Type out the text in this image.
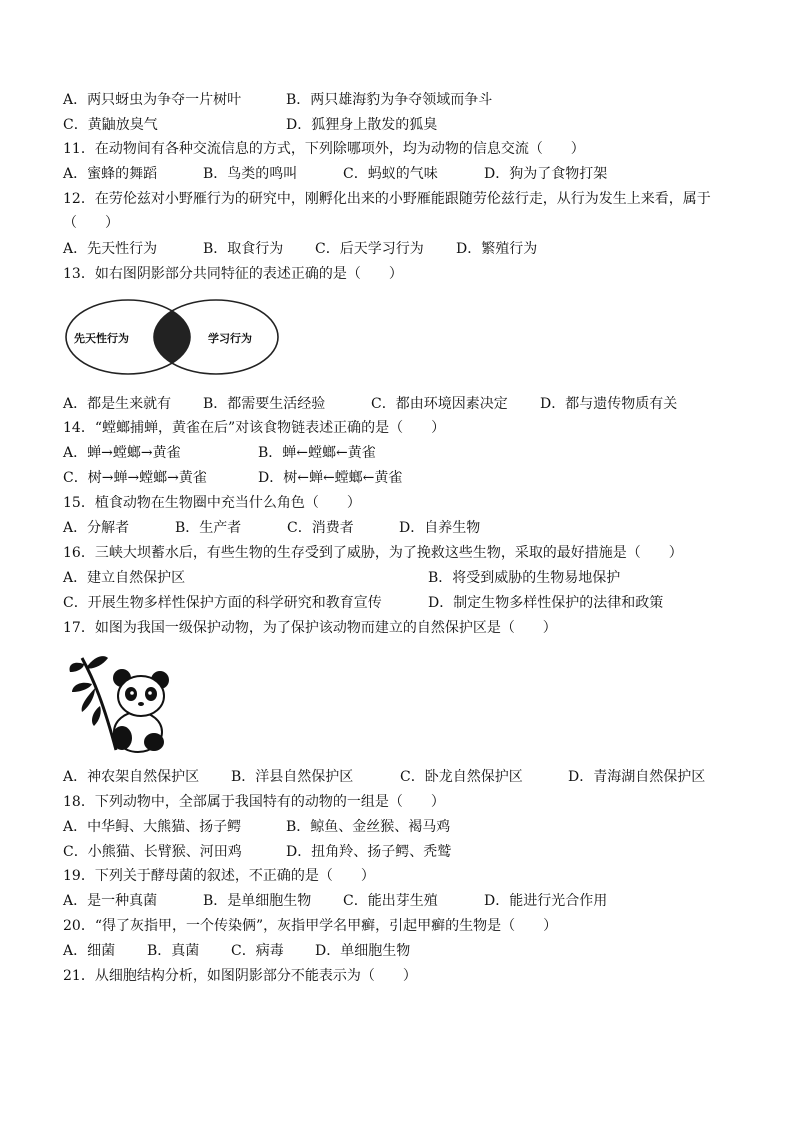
A．两只蚜虫为争夺一片树叶	B．两只雄海豹为争夺领域而争斗
C．黄鼬放臭气	D．狐狸身上散发的狐臭
11．在动物间有各种交流信息的方式，下列除哪项外，均为动物的信息交流（　　）
A．蜜蜂的舞蹈	B．鸟类的鸣叫	C．蚂蚁的气味	D．狗为了食物打架
12．在劳伦兹对小野雁行为的研究中，刚孵化出来的小野雁能跟随劳伦兹行走，从行为发生上来看，属于
（　　）
A．先天性行为	B．取食行为 C．后天学习行为 D．繁殖行为
13．如右图阴影部分共同特征的表述正确的是（　　）
先天性行为	学习行为
A．都是生来就有 B．都需要生活经验	C．都由环境因素决定 D．都与遗传物质有关
14．“螳螂捕蝉，黄雀在后”对该食物链表述正确的是（　　）
A．蝉→螳螂→黄雀	B．蝉←螳螂←黄雀
C．树→蝉→螳螂→黄雀	D．树←蝉←螳螂←黄雀
15．植食动物在生物圈中充当什么角色（　　）
A．分解者	B．生产者	C．消费者	D．自养生物
16．三峡大坝蓄水后，有些生物的生存受到了威胁，为了挽救这些生物，采取的最好措施是（　　）
A．建立自然保护区	B．将受到威胁的生物易地保护
C．开展生物多样性保护方面的科学研究和教育宣传	D．制定生物多样性保护的法律和政策
17．如图为我国一级保护动物，为了保护该动物而建立的自然保护区是（　　）
A．神农架自然保护区 B．洋县自然保护区	C．卧龙自然保护区	D．青海湖自然保护区
18．下列动物中，全部属于我国特有的动物的一组是（　　）
A．中华鲟、大熊猫、扬子鳄	B．鲸鱼、金丝猴、褐马鸡
C．小熊猫、长臂猴、河田鸡	D．扭角羚、扬子鳄、秃鹫
19．下列关于酵母菌的叙述，不正确的是（　　）
A．是一种真菌	B．是单细胞生物 C．能出芽生殖	D．能进行光合作用
20．“得了灰指甲，一个传染俩”，灰指甲学名甲癣，引起甲癣的生物是（　　）
A．细菌 B．真菌 C．病毒 D．单细胞生物
21．从细胞结构分析，如图阴影部分不能表示为（　　）
